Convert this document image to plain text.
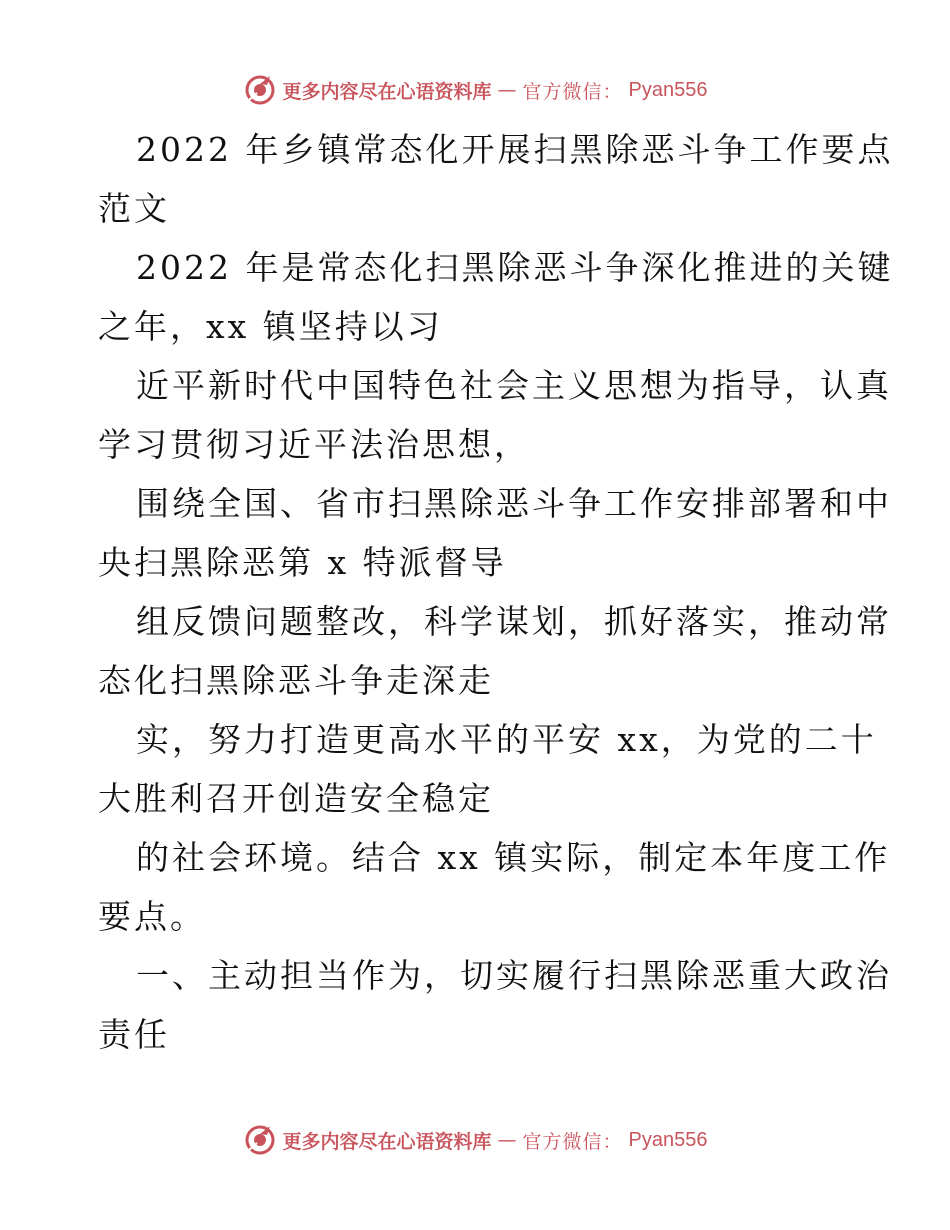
更多内容尽在心语资料库 — 官方微信： Pyan556

2022 年乡镇常态化开展扫黑除恶斗争工作要点
范文

2022 年是常态化扫黑除恶斗争深化推进的关键
之年，xx 镇坚持以习

近平新时代中国特色社会主义思想为指导，认真
学习贯彻习近平法治思想，

围绕全国、省市扫黑除恶斗争工作安排部署和中
央扫黑除恶第 x 特派督导

组反馈问题整改，科学谋划，抓好落实，推动常
态化扫黑除恶斗争走深走

实，努力打造更高水平的平安 xx，为党的二十
大胜利召开创造安全稳定

的社会环境。结合 xx 镇实际，制定本年度工作
要点。

一、主动担当作为，切实履行扫黑除恶重大政治
责任

更多内容尽在心语资料库 — 官方微信： Pyan556
